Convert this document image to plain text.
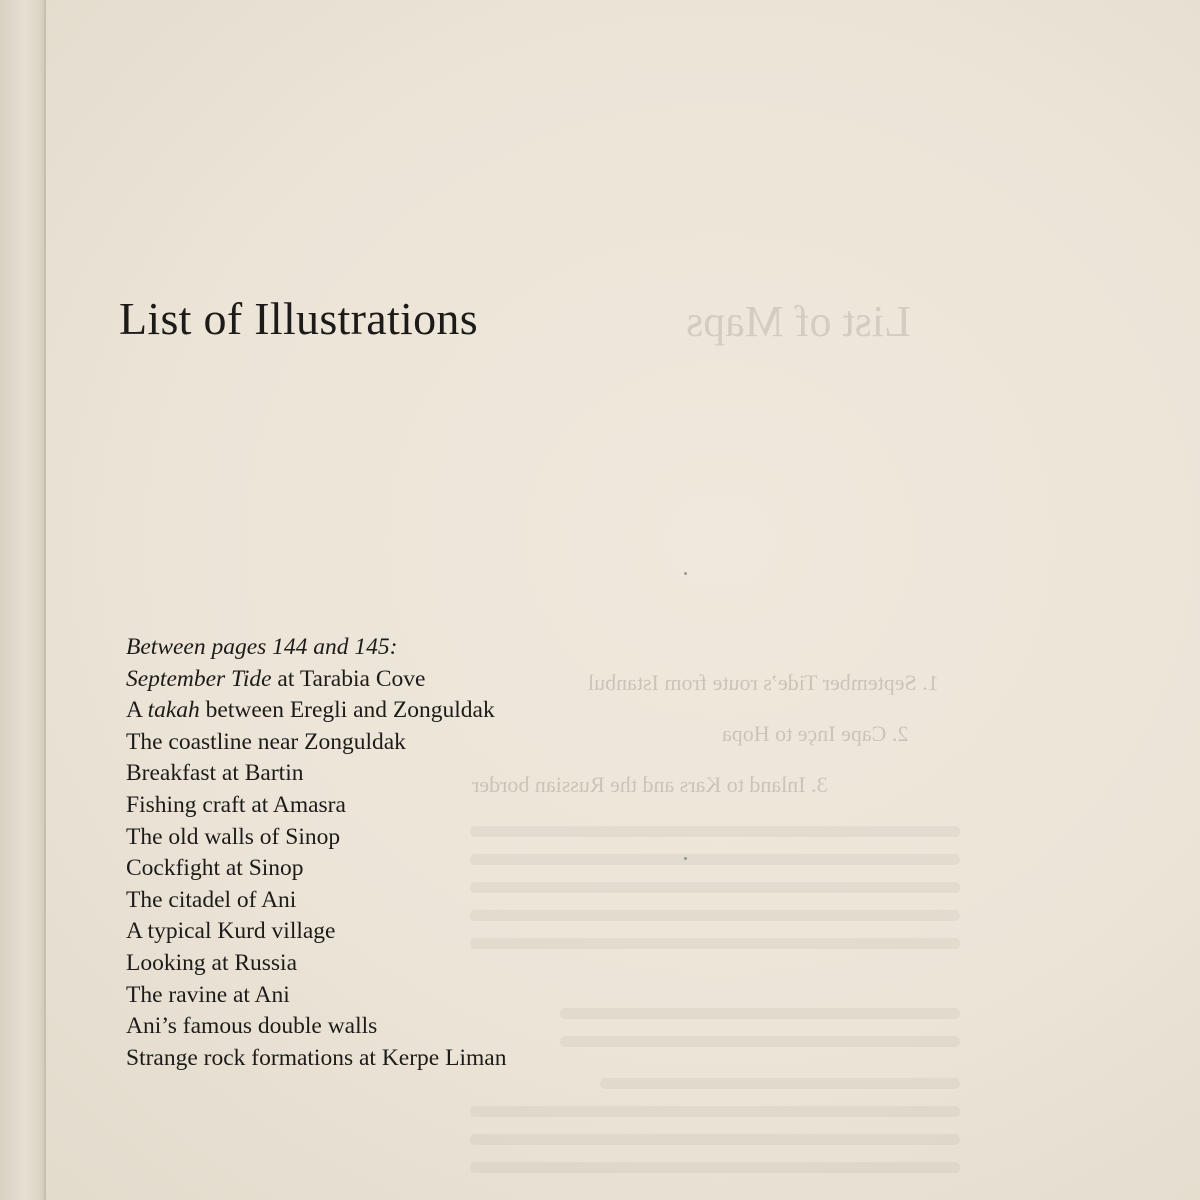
List of Maps
1. September Tide’s route from Istanbul
2. Cape Inçe to Hopa
3. Inland to Kars and the Russian border
List of Illustrations
Between pages 144 and 145:
September Tide at Tarabia Cove
A takah between Eregli and Zonguldak
The coastline near Zonguldak
Breakfast at Bartin
Fishing craft at Amasra
The old walls of Sinop
Cockfight at Sinop
The citadel of Ani
A typical Kurd village
Looking at Russia
The ravine at Ani
Ani’s famous double walls
Strange rock formations at Kerpe Liman
